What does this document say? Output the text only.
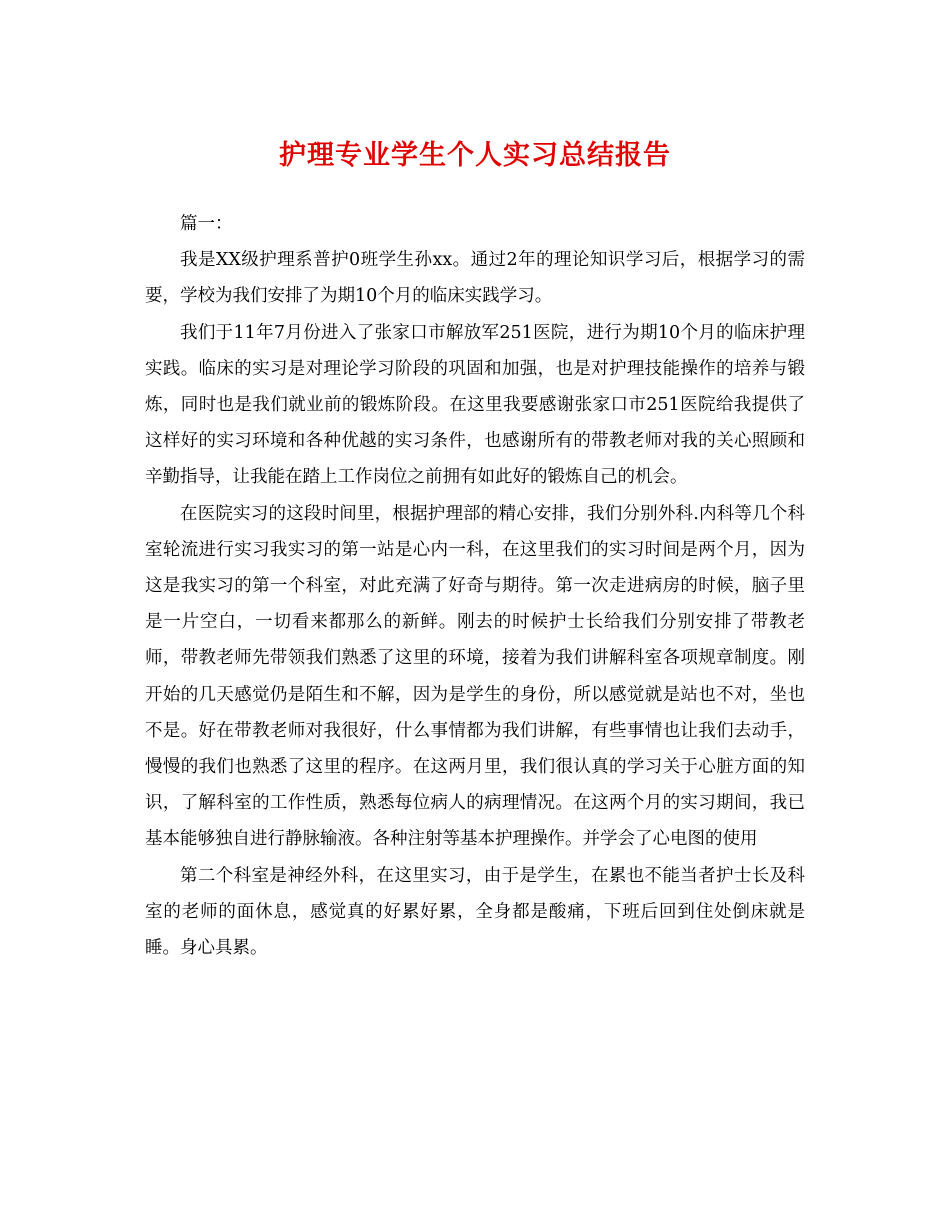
护理专业学生个人实习总结报告

篇一：

我是XX级护理系普护0班学生孙xx。通过2年的理论知识学习后，根据学习的需要，学校为我们安排了为期10个月的临床实践学习。

我们于11年7月份进入了张家口市解放军251医院，进行为期10个月的临床护理实践。临床的实习是对理论学习阶段的巩固和加强，也是对护理技能操作的培养与锻炼，同时也是我们就业前的锻炼阶段。在这里我要感谢张家口市251医院给我提供了这样好的实习环境和各种优越的实习条件，也感谢所有的带教老师对我的关心照顾和辛勤指导，让我能在踏上工作岗位之前拥有如此好的锻炼自己的机会。

在医院实习的这段时间里，根据护理部的精心安排，我们分别外科.内科等几个科室轮流进行实习我实习的第一站是心内一科，在这里我们的实习时间是两个月，因为这是我实习的第一个科室，对此充满了好奇与期待。第一次走进病房的时候，脑子里是一片空白，一切看来都那么的新鲜。刚去的时候护士长给我们分别安排了带教老师，带教老师先带领我们熟悉了这里的环境，接着为我们讲解科室各项规章制度。刚开始的几天感觉仍是陌生和不解，因为是学生的身份，所以感觉就是站也不对，坐也不是。好在带教老师对我很好，什么事情都为我们讲解，有些事情也让我们去动手，慢慢的我们也熟悉了这里的程序。在这两月里，我们很认真的学习关于心脏方面的知识，了解科室的工作性质，熟悉每位病人的病理情况。在这两个月的实习期间，我已基本能够独自进行静脉输液。各种注射等基本护理操作。并学会了心电图的使用

第二个科室是神经外科，在这里实习，由于是学生，在累也不能当者护士长及科室的老师的面休息，感觉真的好累好累，全身都是酸痛，下班后回到住处倒床就是睡。身心具累。
